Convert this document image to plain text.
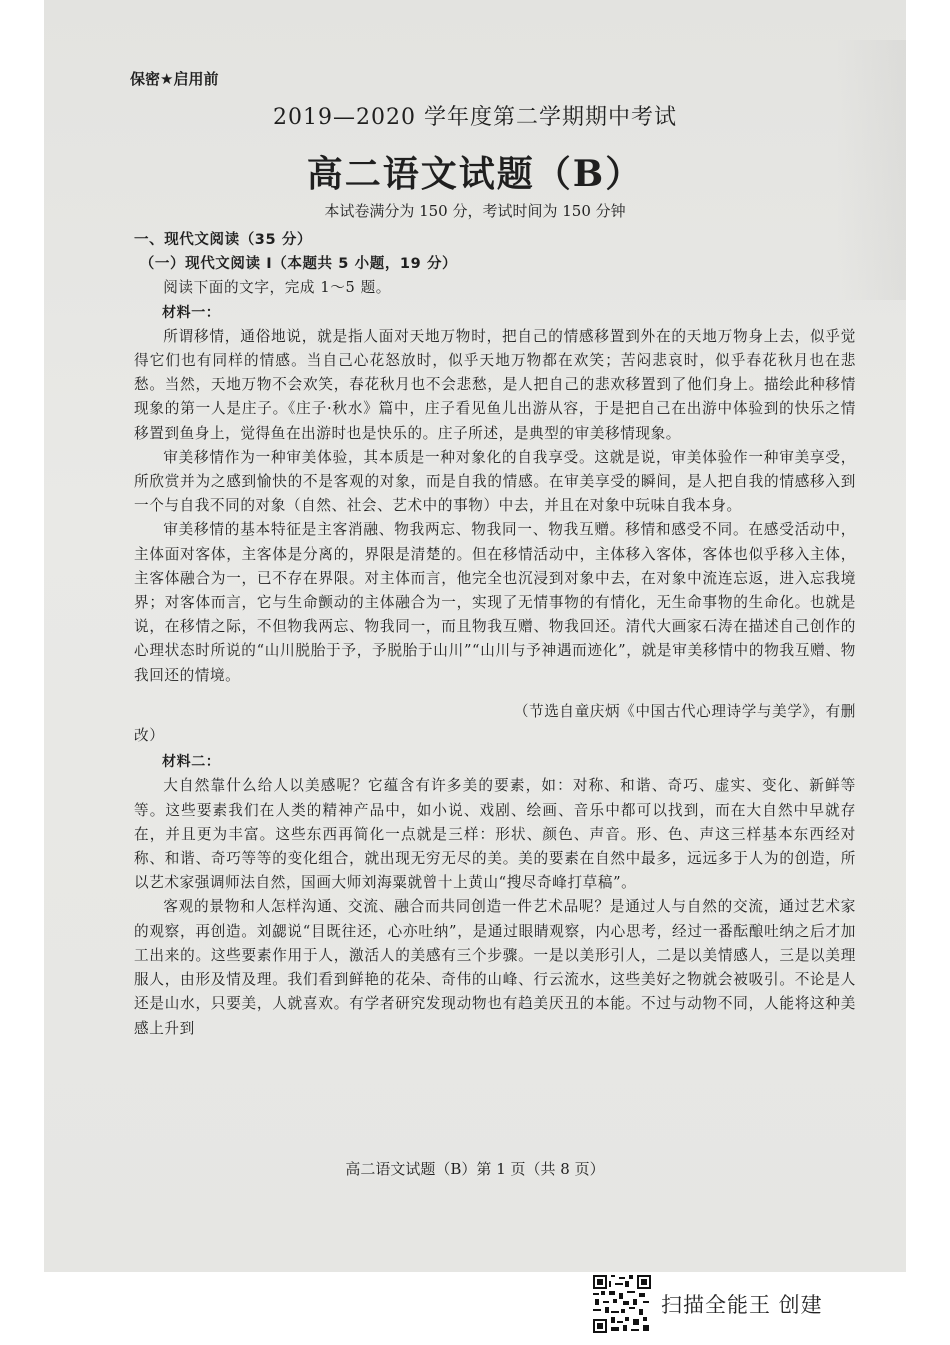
保密★启用前
2019—2020 学年度第二学期期中考试
高二语文试题（B）
本试卷满分为 150 分，考试时间为 150 分钟

一、现代文阅读（35 分）

（一）现代文阅读 I（本题共 5 小题，19 分）

阅读下面的文字，完成 1～5 题。

材料一：

所谓移情，通俗地说，就是指人面对天地万物时，把自己的情感移置到外在的天地万物身上去，似乎觉得它们也有同样的情感。当自己心花怒放时，似乎天地万物都在欢笑；苦闷悲哀时，似乎春花秋月也在悲愁。当然，天地万物不会欢笑，春花秋月也不会悲愁，是人把自己的悲欢移置到了他们身上。描绘此种移情现象的第一人是庄子。《庄子·秋水》篇中，庄子看见鱼儿出游从容，于是把自己在出游中体验到的快乐之情移置到鱼身上，觉得鱼在出游时也是快乐的。庄子所述，是典型的审美移情现象。

审美移情作为一种审美体验，其本质是一种对象化的自我享受。这就是说，审美体验作一种审美享受，所欣赏并为之感到愉快的不是客观的对象，而是自我的情感。在审美享受的瞬间，是人把自我的情感移入到一个与自我不同的对象（自然、社会、艺术中的事物）中去，并且在对象中玩味自我本身。

审美移情的基本特征是主客消融、物我两忘、物我同一、物我互赠。移情和感受不同。在感受活动中，主体面对客体，主客体是分离的，界限是清楚的。但在移情活动中，主体移入客体，客体也似乎移入主体，主客体融合为一，已不存在界限。对主体而言，他完全也沉浸到对象中去，在对象中流连忘返，进入忘我境界；对客体而言，它与生命颤动的主体融合为一，实现了无情事物的有情化，无生命事物的生命化。也就是说，在移情之际，不但物我两忘、物我同一，而且物我互赠、物我回还。清代大画家石涛在描述自己创作的心理状态时所说的“山川脱胎于予，予脱胎于山川”“山川与予神遇而迹化”，就是审美移情中的物我互赠、物我回还的情境。

（节选自童庆炳《中国古代心理诗学与美学》，有删

改）

材料二：

大自然靠什么给人以美感呢？它蕴含有许多美的要素，如：对称、和谐、奇巧、虚实、变化、新鲜等等。这些要素我们在人类的精神产品中，如小说、戏剧、绘画、音乐中都可以找到，而在大自然中早就存在，并且更为丰富。这些东西再简化一点就是三样：形状、颜色、声音。形、色、声这三样基本东西经对称、和谐、奇巧等等的变化组合，就出现无穷无尽的美。美的要素在自然中最多，远远多于人为的创造，所以艺术家强调师法自然，国画大师刘海粟就曾十上黄山“搜尽奇峰打草稿”。

客观的景物和人怎样沟通、交流、融合而共同创造一件艺术品呢？是通过人与自然的交流，通过艺术家的观察，再创造。刘勰说“目既往还，心亦吐纳”，是通过眼睛观察，内心思考，经过一番酝酿吐纳之后才加工出来的。这些要素作用于人，激活人的美感有三个步骤。一是以美形引人，二是以美情感人，三是以美理服人，由形及情及理。我们看到鲜艳的花朵、奇伟的山峰、行云流水，这些美好之物就会被吸引。不论是人还是山水，只要美，人就喜欢。有学者研究发现动物也有趋美厌丑的本能。不过与动物不同，人能将这种美感上升到

高二语文试题（B）第 1 页（共 8 页）
扫描全能王 创建
